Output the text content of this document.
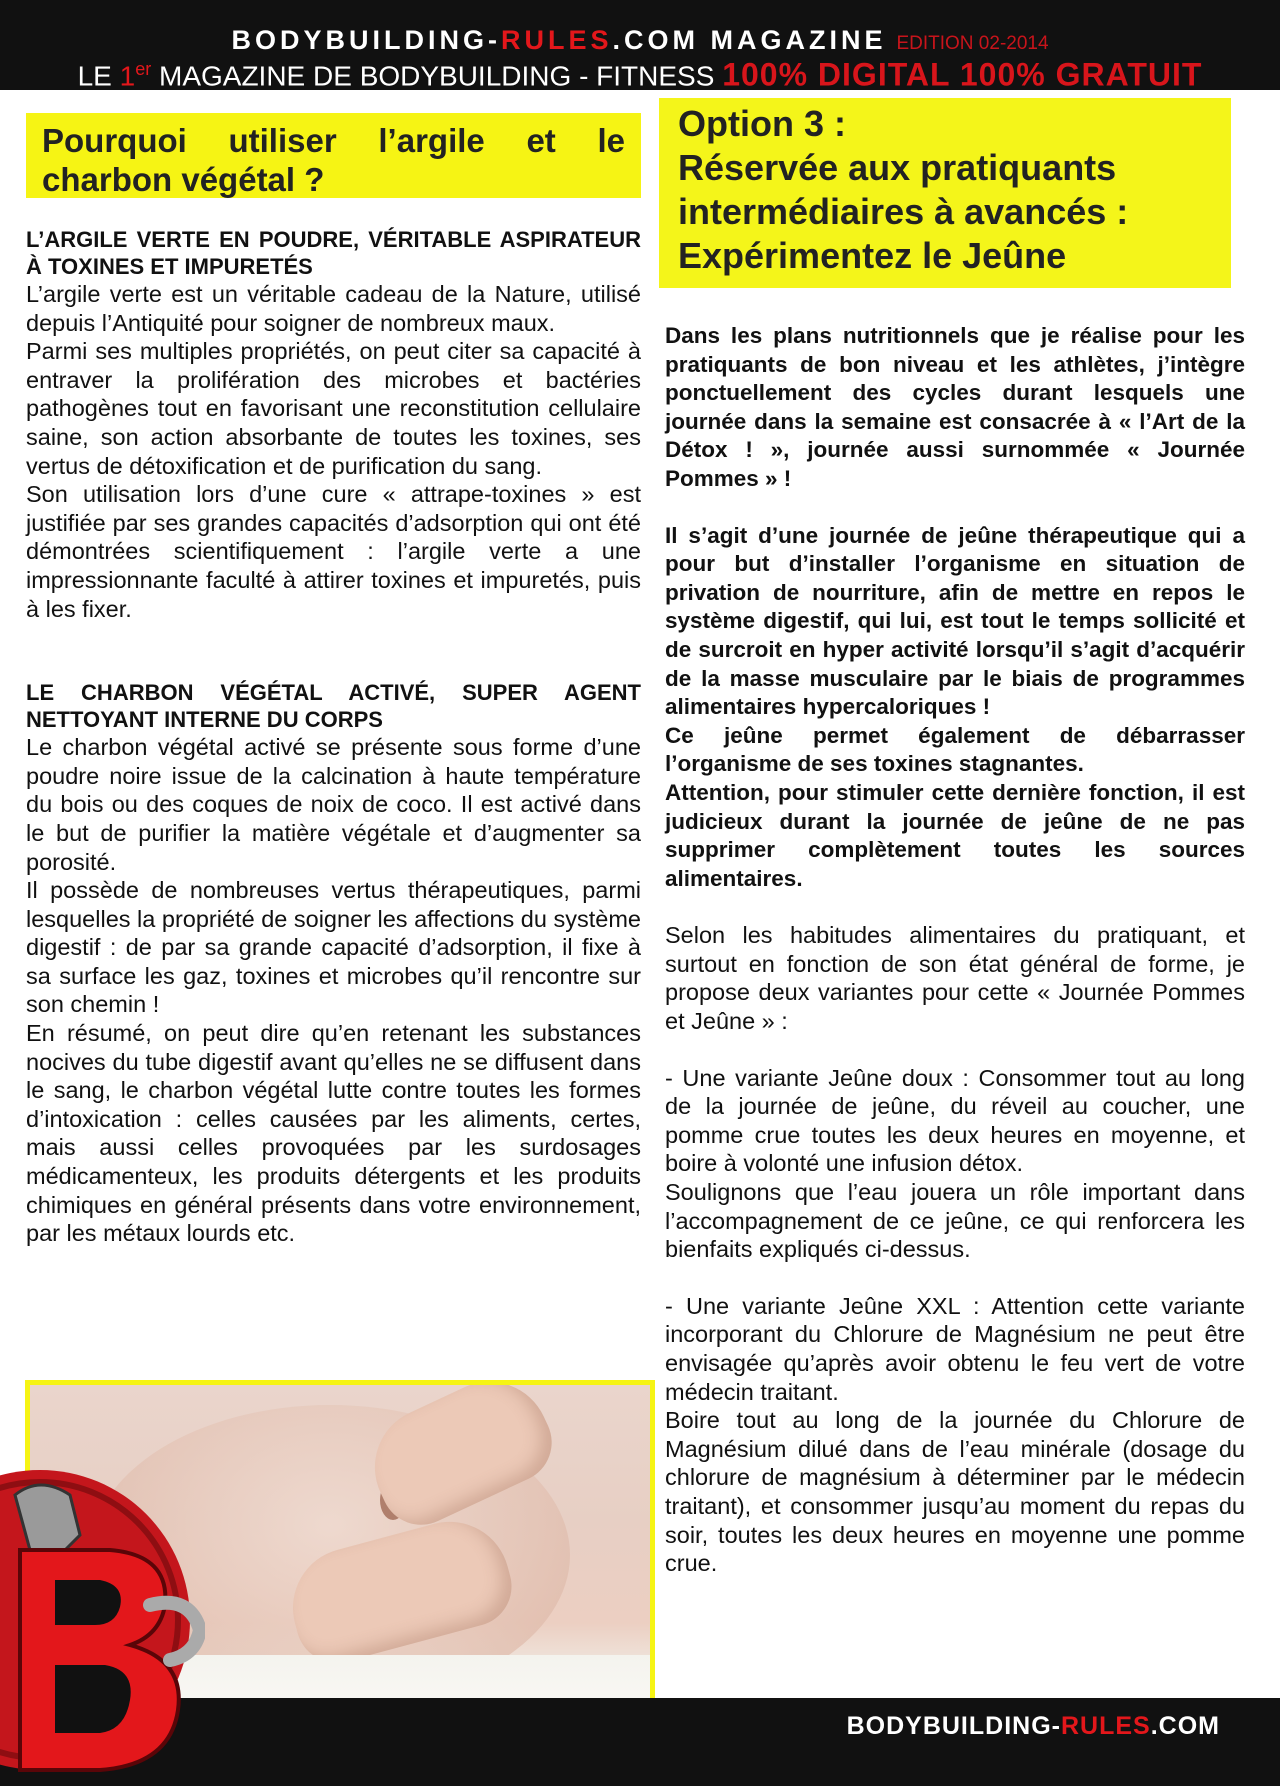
BODYBUILDING-RULES.COM MAGAZINE EDITION 02-2014
LE 1er MAGAZINE DE BODYBUILDING - FITNESS 100% DIGITAL 100% GRATUIT
Pourquoi utiliser l’argile et le
charbon végétal ?
L’ARGILE VERTE EN POUDRE, VÉRITABLE ASPIRATEUR À TOXINES ET IMPURETÉS

L’argile verte est un véritable cadeau de la Nature, utilisé depuis l’Antiquité pour soigner de nombreux maux.

Parmi ses multiples propriétés, on peut citer sa capacité à entraver la prolifération des microbes et bactéries pathogènes tout en favorisant une reconstitution cellulaire saine, son action absorbante de toutes les toxines, ses vertus de détoxification et de purification du sang.

Son utilisation lors d’une cure « attrape-toxines » est justifiée par ses grandes capacités d’adsorption qui ont été démontrées scientifiquement : l’argile verte a une impressionnante faculté à attirer toxines et impuretés, puis à les fixer.

LE CHARBON VÉGÉTAL ACTIVÉ, SUPER AGENT NETTOYANT INTERNE DU CORPS

Le charbon végétal activé se présente sous forme d’une poudre noire issue de la calcination à haute température du bois ou des coques de noix de coco. Il est activé dans le but de purifier la matière végétale et d’augmenter sa porosité.

Il possède de nombreuses vertus thérapeutiques, parmi lesquelles la propriété de soigner les affections du système digestif : de par sa grande capacité d’adsorption, il fixe à sa surface les gaz, toxines et microbes qu’il rencontre sur son chemin !

En résumé, on peut dire qu’en retenant les substances nocives du tube digestif avant qu’elles ne se diffusent dans le sang, le charbon végétal lutte contre toutes les formes d’intoxication : celles causées par les aliments, certes, mais aussi celles provoquées par les surdosages médicamenteux, les produits détergents et les produits chimiques en général présents dans votre environnement, par les métaux lourds etc.

Option 3 :
Réservée aux pratiquants
intermédiaires à avancés :
Expérimentez le Jeûne

Dans les plans nutritionnels que je réalise pour les pratiquants de bon niveau et les athlètes, j’intègre ponctuellement des cycles durant lesquels une journée dans la semaine est consacrée à « l’Art de la Détox ! », journée aussi surnommée « Journée Pommes » !

Il s’agit d’une journée de jeûne thérapeutique qui a pour but d’installer l’organisme en situation de privation de nourriture, afin de mettre en repos le système digestif, qui lui, est tout le temps sollicité et de surcroit en hyper activité lorsqu’il s’agit d’acquérir de la masse musculaire par le biais de programmes alimentaires hypercaloriques !

Ce jeûne permet également de débarrasser l’organisme de ses toxines stagnantes.

Attention, pour stimuler cette dernière fonction, il est judicieux durant la journée de jeûne de ne pas supprimer complètement toutes les sources alimentaires.

Selon les habitudes alimentaires du pratiquant, et surtout en fonction de son état général de forme, je propose deux variantes pour cette « Journée Pommes et Jeûne » :

- Une variante Jeûne doux : Consommer tout au long de la journée de jeûne, du réveil au coucher, une pomme crue toutes les deux heures en moyenne, et boire à volonté une infusion détox.

Soulignons que l’eau jouera un rôle important dans l’accompagnement de ce jeûne, ce qui renforcera les bienfaits expliqués ci-dessus.

- Une variante Jeûne XXL : Attention cette variante incorporant du Chlorure de Magnésium ne peut être envisagée qu’après avoir obtenu le feu vert de votre médecin traitant.

Boire tout au long de la journée du Chlorure de Magnésium dilué dans de l’eau minérale (dosage du chlorure de magnésium à déterminer par le médecin traitant), et consommer jusqu’au moment du repas du soir, toutes les deux heures en moyenne une pomme crue.

BODYBUILDING-RULES.COM
